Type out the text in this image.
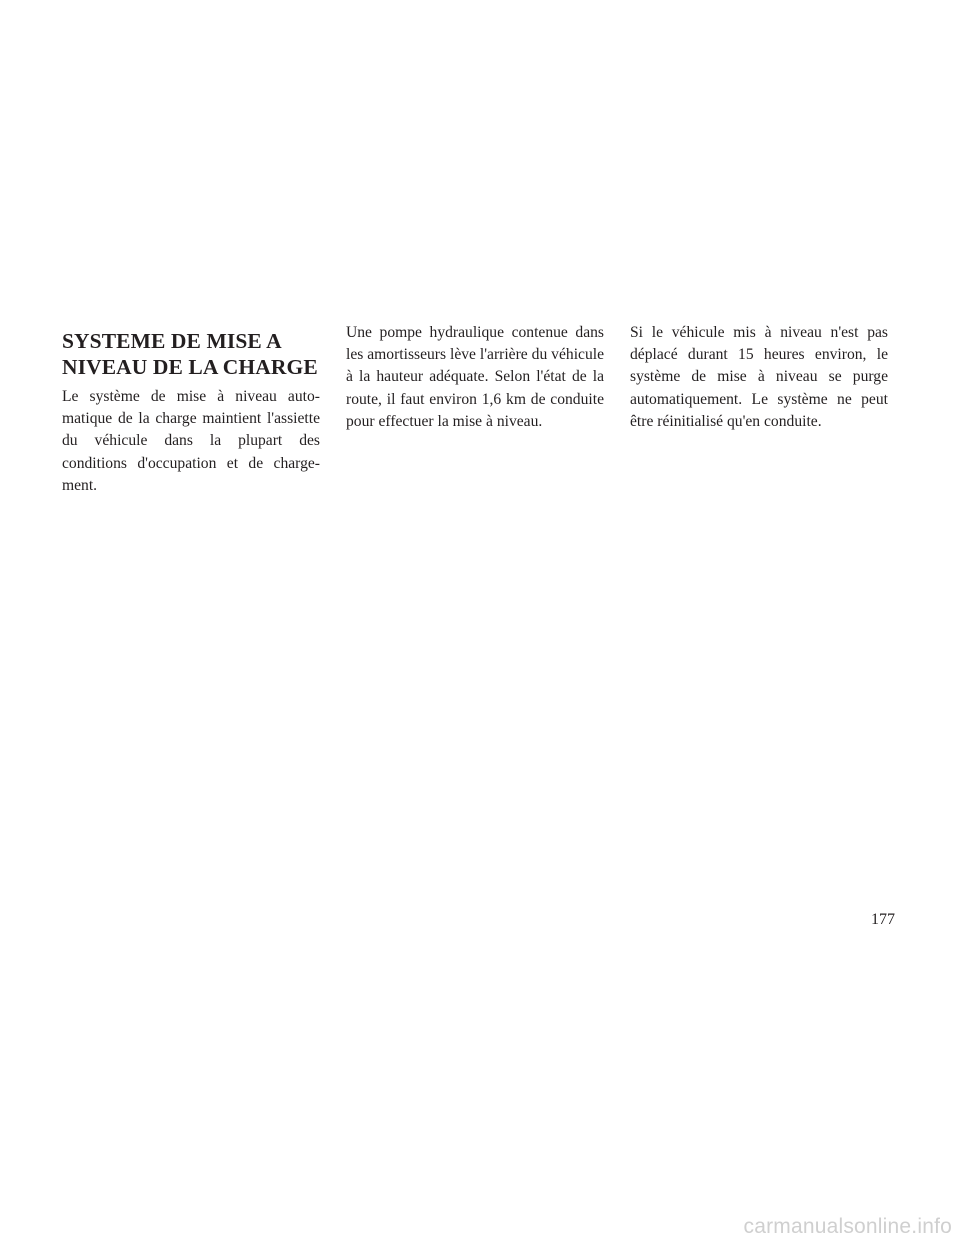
SYSTEME DE MISE A
NIVEAU DE LA CHARGE

Le système de mise à niveau automatique de la charge maintient l'assiette du véhicule dans la plupart des conditions d'occupation et de chargement.

Une pompe hydraulique contenue dans les amortisseurs lève l'arrière du véhicule à la hauteur adéquate. Selon l'état de la route, il faut environ 1,6 km de conduite pour effectuer la mise à niveau.

Si le véhicule mis à niveau n'est pas déplacé durant 15 heures environ, le système de mise à niveau se purge automatiquement. Le système ne peut être réinitialisé qu'en conduite.

177
carmanualsonline.info
